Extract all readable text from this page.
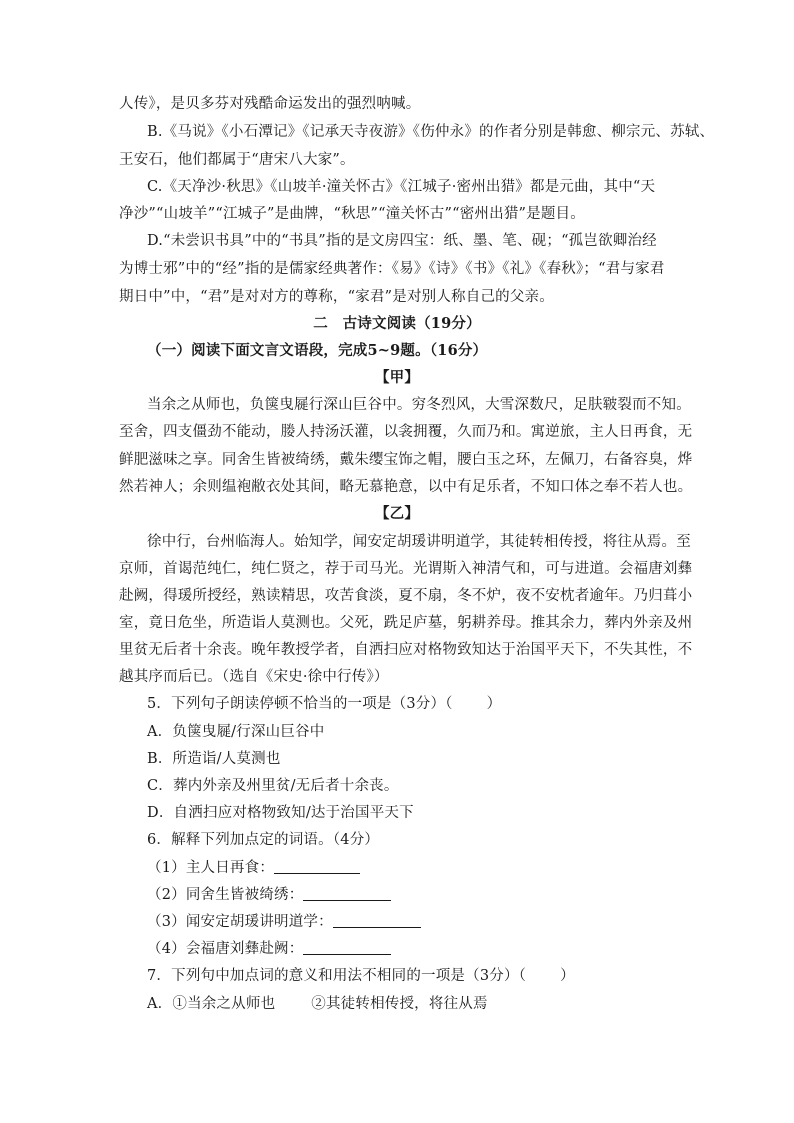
人传》，是贝多芬对残酷命运发出的强烈呐喊。
B.《马说》《小石潭记》《记承天寺夜游》《伤仲永》的作者分别是韩愈、柳宗元、苏轼、
王安石，他们都属于“唐宋八大家”。
C.《天净沙·秋思》《山坡羊·潼关怀古》《江城子·密州出猎》都是元曲，其中“天
净沙”“山坡羊”“江城子”是曲牌，“秋思”“潼关怀古”“密州出猎”是题目。
D.“未尝识书具”中的“书具”指的是文房四宝：纸、墨、笔、砚；“孤岂欲卿治经
为博士邪”中的“经”指的是儒家经典著作：《易》《诗》《书》《礼》《春秋》；“君与家君
期日中”中，“君”是对对方的尊称，“家君”是对别人称自己的父亲。
二　古诗文阅读（19分）
（一）阅读下面文言文语段，完成5~9题。（16分）
【甲】
当余之从师也，负箧曳屣行深山巨谷中。穷冬烈风，大雪深数尺，足肤皲裂而不知。
至舍，四支僵劲不能动，媵人持汤沃灌，以衾拥覆，久而乃和。寓逆旅，主人日再食，无
鲜肥滋味之享。同舍生皆被绮绣，戴朱缨宝饰之帽，腰白玉之环，左佩刀，右备容臭，烨
然若神人；余则缊袍敝衣处其间，略无慕艳意，以中有足乐者，不知口体之奉不若人也。
【乙】
徐中行，台州临海人。始知学，闻安定胡瑗讲明道学，其徒转相传授，将往从焉。至
京师，首谒范纯仁，纯仁贤之，荐于司马光。光谓斯入神清气和，可与进道。会福唐刘彝
赴阙，得瑗所授经，熟读精思，攻苦食淡，夏不扇，冬不炉，夜不安枕者逾年。乃归葺小
室，竟日危坐，所造诣人莫测也。父死，跣足庐墓，躬耕养母。推其余力，葬内外亲及州
里贫无后者十余丧。晚年教授学者，自洒扫应对格物致知达于治国平天下，不失其性，不
越其序而后已。（选自《宋史·徐中行传》）
5．下列句子朗读停顿不恰当的一项是（3分）（ ）
A．负箧曳屣/行深山巨谷中
B．所造诣/人莫测也
C．葬内外亲及州里贫/无后者十余丧。
D．自洒扫应对格物致知/达于治国平天下
6．解释下列加点定的词语。（4分）
（1）主人日再食：
（2）同舍生皆被绮绣：
（3）闻安定胡瑗讲明道学：
（4）会福唐刘彝赴阙：
7．下列句中加点词的意义和用法不相同的一项是（3分）（ ）
A．①当余之从师也 ②其徒转相传授，将往从焉
